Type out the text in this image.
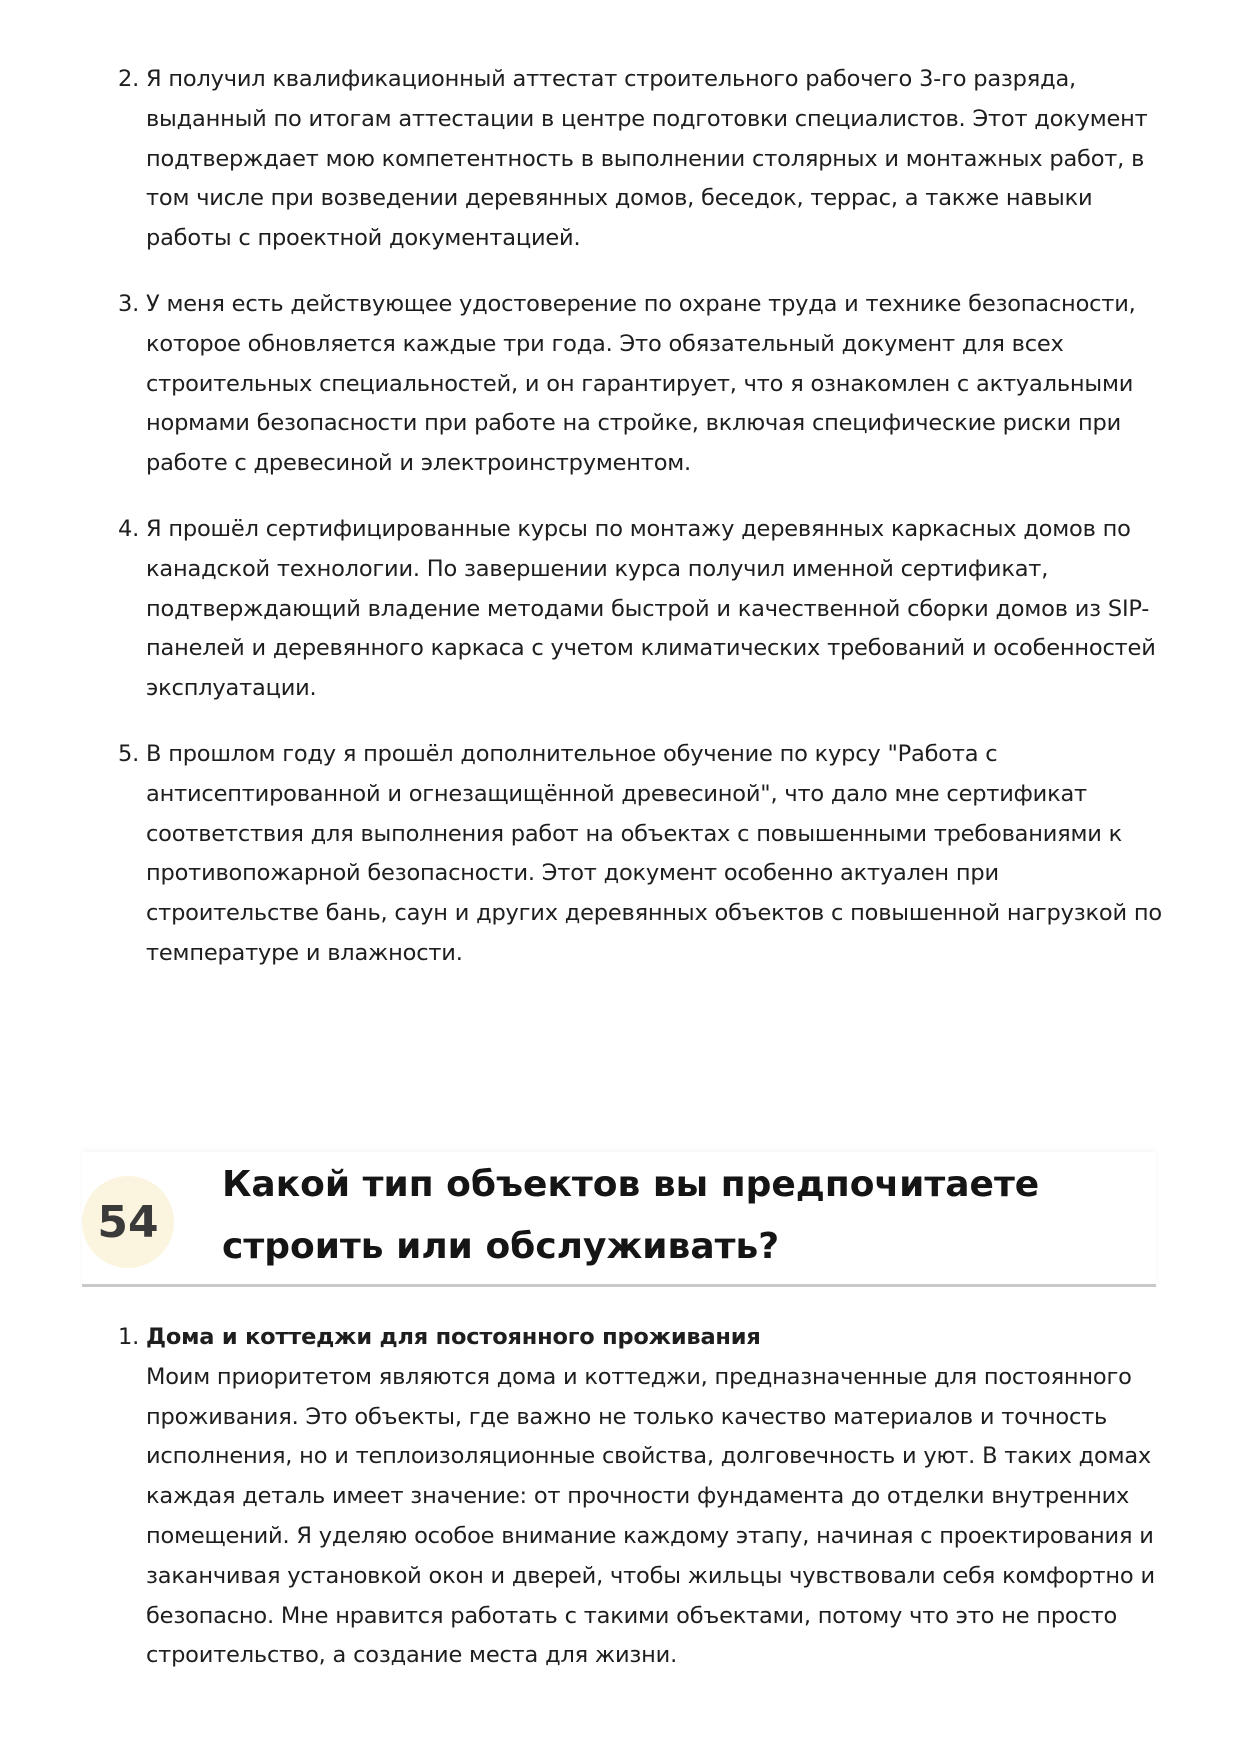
2. Я получил квалификационный аттестат строительного рабочего 3-го разряда, выданный по итогам аттестации в центре подготовки специалистов. Этот документ подтверждает мою компетентность в выполнении столярных и монтажных работ, в том числе при возведении деревянных домов, беседок, террас, а также навыки работы с проектной документацией.
3. У меня есть действующее удостоверение по охране труда и технике безопасности, которое обновляется каждые три года. Это обязательный документ для всех строительных специальностей, и он гарантирует, что я ознакомлен с актуальными нормами безопасности при работе на стройке, включая специфические риски при работе с древесиной и электроинструментом.
4. Я прошёл сертифицированные курсы по монтажу деревянных каркасных домов по канадской технологии. По завершении курса получил именной сертификат, подтверждающий владение методами быстрой и качественной сборки домов из SIP-панелей и деревянного каркаса с учетом климатических требований и особенностей эксплуатации.
5. В прошлом году я прошёл дополнительное обучение по курсу "Работа с антисептированной и огнезащищённой древесиной", что дало мне сертификат соответствия для выполнения работ на объектах с повышенными требованиями к противопожарной безопасности. Этот документ особенно актуален при строительстве бань, саун и других деревянных объектов с повышенной нагрузкой по температуре и влажности.
54
Какой тип объектов вы предпочитаете строить или обслуживать?
1. Дома и коттеджи для постоянного проживания
Моим приоритетом являются дома и коттеджи, предназначенные для постоянного проживания. Это объекты, где важно не только качество материалов и точность исполнения, но и теплоизоляционные свойства, долговечность и уют. В таких домах каждая деталь имеет значение: от прочности фундамента до отделки внутренних помещений. Я уделяю особое внимание каждому этапу, начиная с проектирования и заканчивая установкой окон и дверей, чтобы жильцы чувствовали себя комфортно и безопасно. Мне нравится работать с такими объектами, потому что это не просто строительство, а создание места для жизни.
